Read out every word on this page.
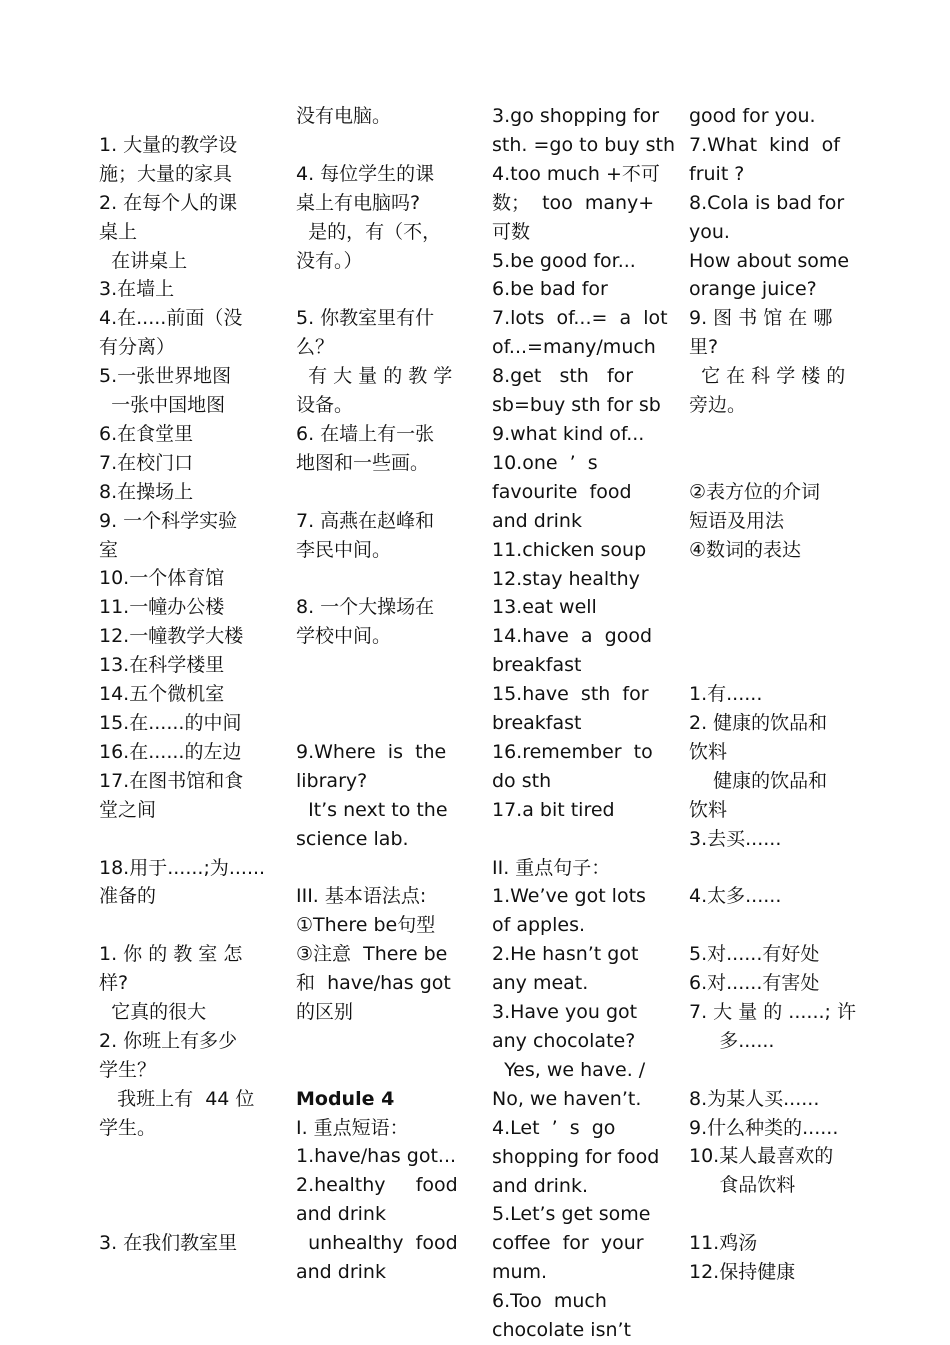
1. 大量的教学设
施；大量的家具
2. 在每个人的课
桌上
在讲桌上
3.在墙上
4.在.....前面（没
有分离）
5.一张世界地图
一张中国地图
6.在食堂里
7.在校门口
8.在操场上
9. 一个科学实验
室
10.一个体育馆
11.一幢办公楼
12.一幢教学大楼
13.在科学楼里
14.五个微机室
15.在......的中间
16.在......的左边
17.在图书馆和食
堂之间
18.用于......;为......
准备的
1. 你 的 教 室 怎
样?
它真的很大
2. 你班上有多少
学生？
我班上有  44 位
学生。
3. 在我们教室里
没有电脑。
4. 每位学生的课
桌上有电脑吗?
是的，有（不，
没有。）
5. 你教室里有什
么？
有 大 量 的 教 学
设备。
6. 在墙上有一张
地图和一些画。
7. 高燕在赵峰和
李民中间。
8. 一个大操场在
学校中间。
9.Where  is  the
library?
It’s next to the
science lab.
III. 基本语法点:
①There be句型
③注意  There be
和  have/has got
的区别
Module 4
I. 重点短语：
1.have/has got...
2.healthy     food
and drink
unhealthy  food
and drink
3.go shopping for
sth. =go to buy sth
4.too much +不可
数；  too  many+
可数
5.be good for...
6.be bad for
7.lots  of...=  a  lot
of...=many/much
8.get   sth   for
sb=buy sth for sb
9.what kind of...
10.one  ’  s
favourite  food
and drink
11.chicken soup
12.stay healthy
13.eat well
14.have  a  good
breakfast
15.have  sth  for
breakfast
16.remember  to
do sth
17.a bit tired
II. 重点句子：
1.We’ve got lots
of apples.
2.He hasn’t got
any meat.
3.Have you got
any chocolate?
Yes, we have. /
No, we haven’t.
4.Let  ’  s  go
shopping for food
and drink.
5.Let’s get some
coffee  for  your
mum.
6.Too  much
chocolate isn’t
good for you.
7.What  kind  of
fruit ?
8.Cola is bad for
you.
How about some
orange juice?
9. 图 书 馆 在 哪
里?
它 在 科 学 楼 的
旁边。
②表方位的介词
短语及用法
④数词的表达
1.有......
2. 健康的饮品和
饮料
健康的饮品和
饮料
3.去买......
4.太多......
5.对......有好处
6.对......有害处
7. 大 量 的 ......; 许
多......
8.为某人买......
9.什么种类的......
10.某人最喜欢的
食品饮料
11.鸡汤
12.保持健康
